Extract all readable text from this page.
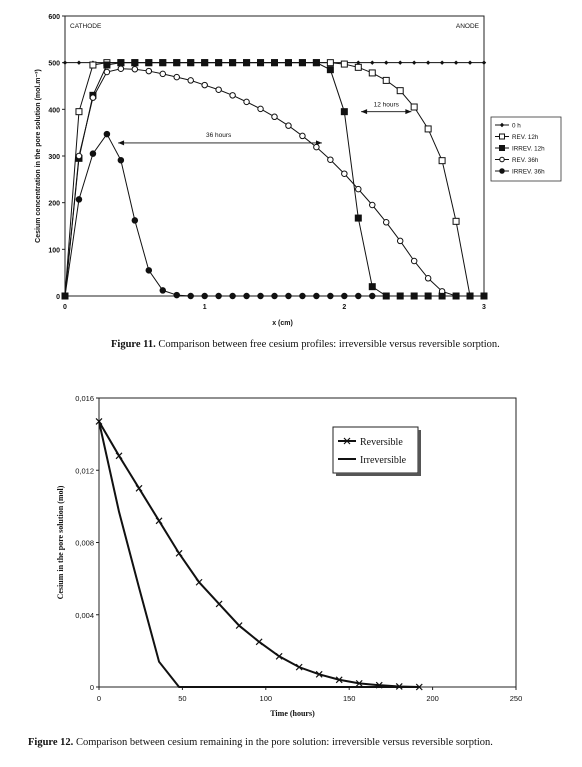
0
100
200
300
400
500
600
0	1	2	3
x (cm)
Cesium concentration in the pore solution (mol.m⁻³)
CATHODE	ANODE
12 hours
36 hours
0 h
REV. 12h
IRREV. 12h
REV. 36h
IRREV. 36h
0
0,004
0,008
0,012
0,016
0	50	100	150	200	250
Time (hours)
Cesium in the pore solution (mol)
Reversible
Irreversible
Figure 11. Comparison between free cesium profiles: irreversible versus reversible sorption.
Figure 12. Comparison between cesium remaining in the pore solution: irreversible versus reversible sorption.
